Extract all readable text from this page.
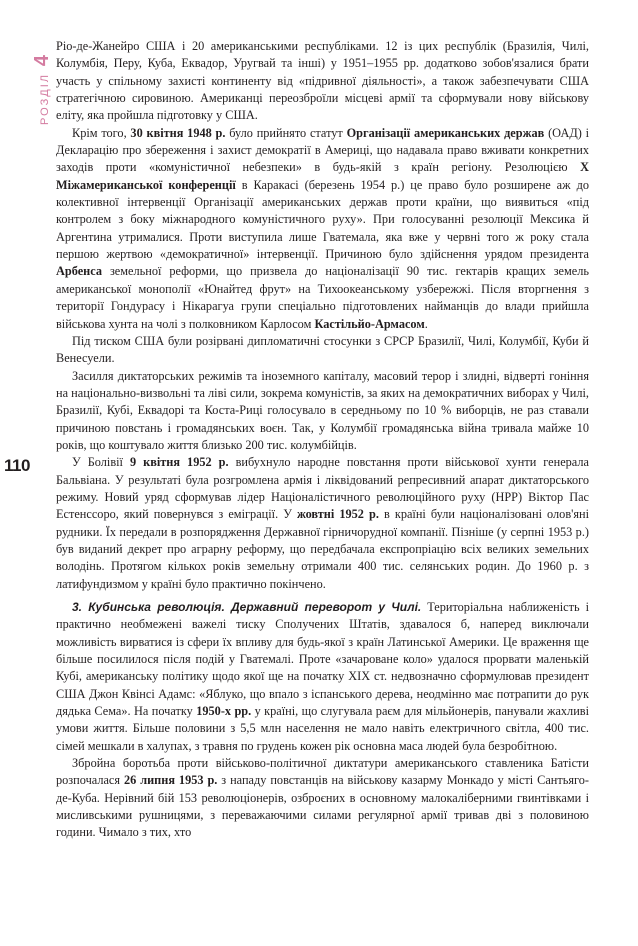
4
РОЗДІЛ
110

Ріо-де-Жанейро США і 20 американськими республіками. 12 із цих республік (Бразилія, Чилі, Колумбія, Перу, Куба, Еквадор, Уругвай та інші) у 1951–1955 рр. додатково зобов'язалися брати участь у спільному захисті континенту від «підривної діяльності», а також забезпечувати США стратегічною сировиною. Американці переозброїли місцеві армії та сформували нову військову еліту, яка пройшла підготовку у США.

Крім того, 30 квітня 1948 р. було прийнято статут Організації американських держав (ОАД) і Декларацію про збереження і захист демократії в Америці, що надавала право вживати конкретних заходів проти «комуністичної небезпеки» в будь-якій з країн регіону. Резолюцією X Міжамериканської конференції в Каракасі (березень 1954 р.) це право було розширене аж до колективної інтервенції Організації американських держав проти країни, що виявиться «під контролем з боку міжнародного комуністичного руху». При голосуванні резолюції Мексика й Аргентина утрималися. Проти виступила лише Гватемала, яка вже у червні того ж року стала першою жертвою «демократичної» інтервенції. Причиною було здійснення урядом президента Арбенса земельної реформи, що призвела до націоналізації 90 тис. гектарів кращих земель американської монополії «Юнайтед фрут» на Тихоокеанському узбережжі. Після вторгнення з території Гондурасу і Нікарагуа групи спеціально підготовлених найманців до влади прийшла військова хунта на чолі з полковником Карлосом Кастільйо-Армасом.

Під тиском США були розірвані дипломатичні стосунки з СРСР Бразилії, Чилі, Колумбії, Куби й Венесуели.

Засилля диктаторських режимів та іноземного капіталу, масовий терор і злидні, відверті гоніння на національно-визвольні та ліві сили, зокрема комуністів, за яких на демократичних виборах у Чилі, Бразилії, Кубі, Еквадорі та Коста-Риці голосувало в середньому по 10 % виборців, не раз ставали причиною повстань і громадянських воєн. Так, у Колумбії громадянська війна тривала майже 10 років, що коштувало життя близько 200 тис. колумбійців.

У Болівії 9 квітня 1952 р. вибухнуло народне повстання проти військової хунти генерала Бальвіана. У результаті була розгромлена армія і ліквідований репресивний апарат диктаторського режиму. Новий уряд сформував лідер Націоналістичного революційного руху (НРР) Віктор Пас Естенссоро, який повернувся з еміграції. У жовтні 1952 р. в країні були націоналізовані олов'яні рудники. Їх передали в розпорядження Державної гірничорудної компанії. Пізніше (у серпні 1953 р.) був виданий декрет про аграрну реформу, що передбачала експропріацію всіх великих земельних володінь. Протягом кількох років земельну отримали 400 тис. селянських родин. До 1960 р. з латифундизмом у країні було практично покінчено.

3. Кубинська революція. Державний переворот у Чилі. Територіальна наближеність і практично необмежені важелі тиску Сполучених Штатів, здавалося б, наперед виключали можливість вирватися із сфери їх впливу для будь-якої з країн Латинської Америки. Це враження ще більше посилилося після подій у Гватемалі. Проте «зачароване коло» удалося прорвати маленькій Кубі, американську політику щодо якої ще на початку XIX ст. недвозначно сформулював президент США Джон Квінсі Адамс: «Яблуко, що впало з іспанського дерева, неодмінно має потрапити до рук дядька Сема». На початку 1950-х рр. у країні, що слугувала раєм для мільйонерів, панували жахливі умови життя. Більше половини з 5,5 млн населення не мало навіть електричного світла, 400 тис. сімей мешкали в халупах, з травня по грудень кожен рік основна маса людей була безробітною.

Збройна боротьба проти військово-політичної диктатури американського ставленика Батісти розпочалася 26 липня 1953 р. з нападу повстанців на військову казарму Монкадо у місті Сантьяго-де-Куба. Нерівний бій 153 революціонерів, озброєних в основному малокаліберними гвинтівками і мисливськими рушницями, з переважаючими силами регулярної армії тривав дві з половиною години. Чимало з тих, хто
